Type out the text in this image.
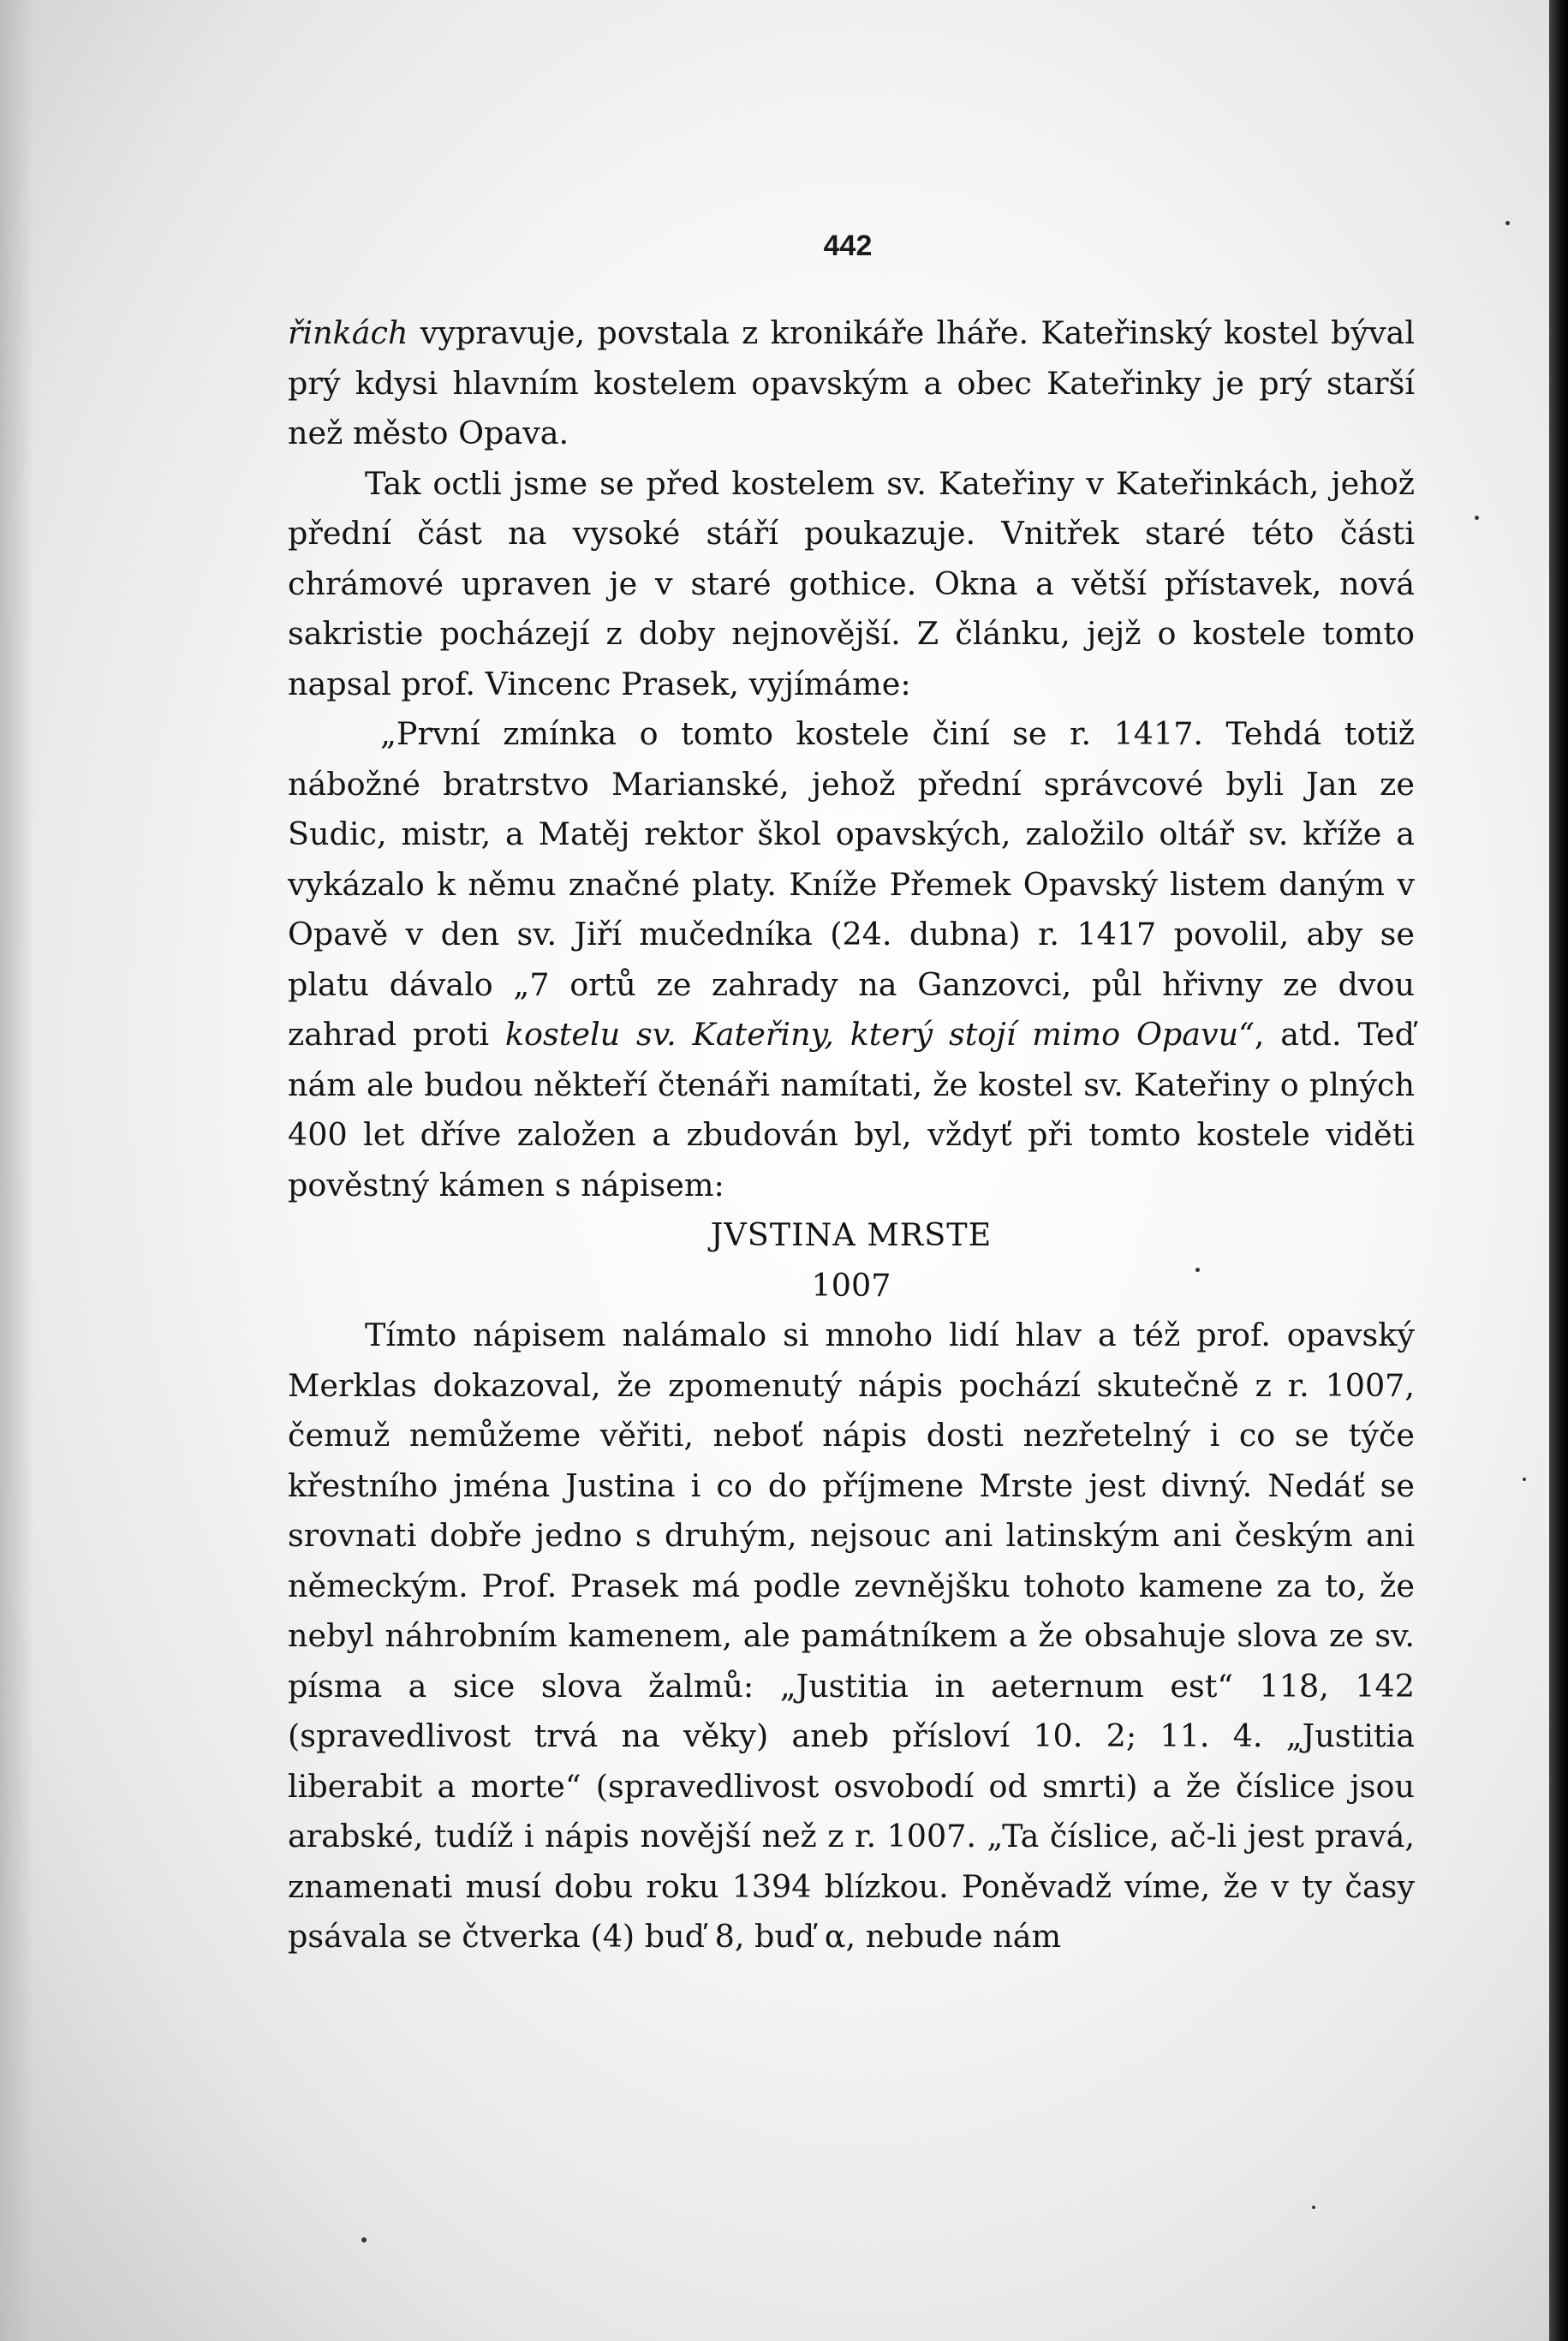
442

řinkách vypravuje, povstala z kronikáře lháře. Kateřinský kostel býval prý kdysi hlavním kostelem opavským a obec Kateřinky je prý starší než město Opava.

Tak octli jsme se před kostelem sv. Kateřiny v Kateřinkách, jehož přední část na vysoké stáří poukazuje. Vnitřek staré této části chrámové upraven je v staré gothice. Okna a větší přístavek, nová sakristie pocházejí z doby nejnovější. Z článku, jejž o kostele tomto napsal prof. Vincenc Prasek, vyjímáme:

„První zmínka o tomto kostele činí se r. 1417. Tehdá totiž nábožné bratrstvo Marianské, jehož přední správcové byli Jan ze Sudic, mistr, a Matěj rektor škol opavských, založilo oltář sv. kříže a vykázalo k němu značné platy. Kníže Přemek Opavský listem daným v Opavě v den sv. Jiří mučedníka (24. dubna) r. 1417 povolil, aby se platu dávalo „7 ortů ze zahrady na Ganzovci, půl hřivny ze dvou zahrad proti kostelu sv. Kateřiny, který stojí mimo Opavu“, atd. Teď nám ale budou někteří čtenáři namítati, že kostel sv. Kateřiny o plných 400 let dříve založen a zbudován byl, vždyť při tomto kostele viděti pověstný kámen s nápisem:

JVSTINA MRSTE

1007

Tímto nápisem nalámalo si mnoho lidí hlav a též prof. opavský Merklas dokazoval, že zpomenutý nápis pochází skutečně z r. 1007, čemuž nemůžeme věřiti, neboť nápis dosti nezřetelný i co se týče křestního jména Justina i co do příjmene Mrste jest divný. Nedáť se srovnati dobře jedno s druhým, nejsouc ani latinským ani českým ani německým. Prof. Prasek má podle zevnějšku tohoto kamene za to, že nebyl náhrobním kamenem, ale památníkem a že obsahuje slova ze sv. písma a sice slova žalmů: „Justitia in aeternum est“ 118, 142 (spravedlivost trvá na věky) aneb přísloví 10. 2; 11. 4. „Justitia liberabit a morte“ (spravedlivost osvobodí od smrti) a že číslice jsou arabské, tudíž i nápis novější než z r. 1007. „Ta číslice, ač-li jest pravá, znamenati musí dobu roku 1394 blízkou. Poněvadž víme, že v ty časy psávala se čtverka (4) buď 8, buď α, nebude nám
